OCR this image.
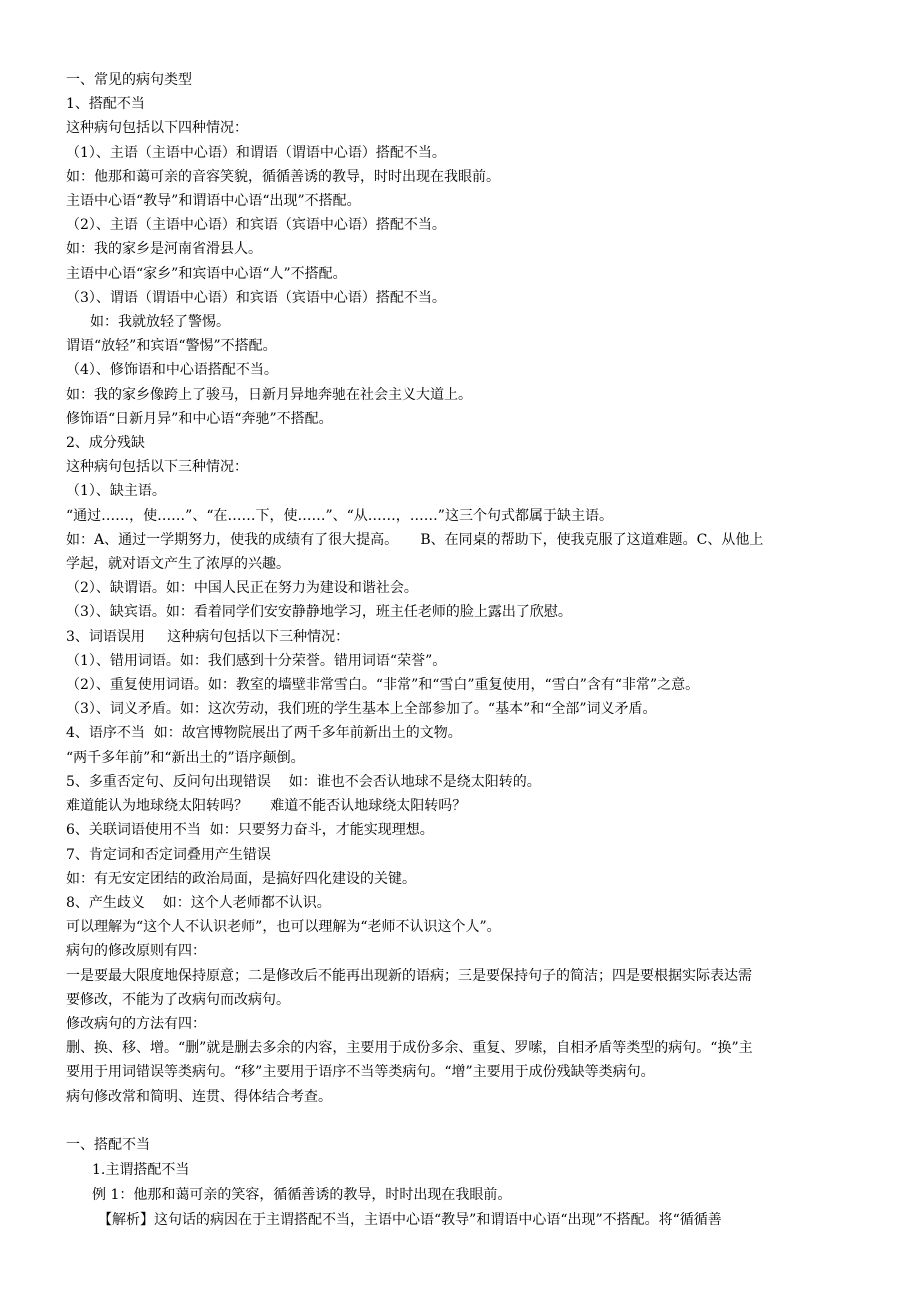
一、常见的病句类型

1、搭配不当

这种病句包括以下四种情况：

（1）、主语（主语中心语）和谓语（谓语中心语）搭配不当。

如：他那和蔼可亲的音容笑貌，循循善诱的教导，时时出现在我眼前。

主语中心语“教导”和谓语中心语“出现”不搭配。

（2）、主语（主语中心语）和宾语（宾语中心语）搭配不当。

如：我的家乡是河南省滑县人。

主语中心语“家乡”和宾语中心语“人”不搭配。

（3）、谓语（谓语中心语）和宾语（宾语中心语）搭配不当。

如：我就放轻了警惕。

谓语“放轻”和宾语“警惕”不搭配。

（4）、修饰语和中心语搭配不当。

如：我的家乡像跨上了骏马，日新月异地奔驰在社会主义大道上。

修饰语“日新月异”和中心语“奔驰”不搭配。

2、成分残缺

这种病句包括以下三种情况：

（1）、缺主语。

“通过……，使……”、“在……下，使……”、“从……，……”这三个句式都属于缺主语。

如：A、通过一学期努力，使我的成绩有了很大提高。     B、在同桌的帮助下，使我克服了这道难题。C、从他上

学起，就对语文产生了浓厚的兴趣。

（2）、缺谓语。如：中国人民正在努力为建设和谐社会。

（3）、缺宾语。如：看着同学们安安静静地学习，班主任老师的脸上露出了欣慰。

3、词语误用     这种病句包括以下三种情况：

（1）、错用词语。如：我们感到十分荣誉。错用词语“荣誉”。

（2）、重复使用词语。如：教室的墙壁非常雪白。“非常”和“雪白”重复使用，“雪白”含有“非常”之意。

（3）、词义矛盾。如：这次劳动，我们班的学生基本上全部参加了。“基本”和“全部”词义矛盾。

4、语序不当  如：故宫博物院展出了两千多年前新出土的文物。

“两千多年前”和“新出土的”语序颠倒。

5、多重否定句、反问句出现错误    如：谁也不会否认地球不是绕太阳转的。

难道能认为地球绕太阳转吗？     难道不能否认地球绕太阳转吗？

6、关联词语使用不当  如：只要努力奋斗，才能实现理想。

7、肯定词和否定词叠用产生错误

如：有无安定团结的政治局面，是搞好四化建设的关键。

8、产生歧义    如：这个人老师都不认识。

可以理解为“这个人不认识老师”，也可以理解为“老师不认识这个人”。

病句的修改原则有四：

一是要最大限度地保持原意；二是修改后不能再出现新的语病；三是要保持句子的简洁；四是要根据实际表达需

要修改，不能为了改病句而改病句。

修改病句的方法有四：

删、换、移、增。“删”就是删去多余的内容，主要用于成份多余、重复、罗嗦，自相矛盾等类型的病句。“换”主

要用于用词错误等类病句。“移”主要用于语序不当等类病句。“增”主要用于成份残缺等类病句。

病句修改常和简明、连贯、得体结合考查。

一、搭配不当

1.主谓搭配不当

例 1：他那和蔼可亲的笑容，循循善诱的教导，时时出现在我眼前。

【解析】这句话的病因在于主谓搭配不当，主语中心语“教导”和谓语中心语“出现”不搭配。将“循循善
